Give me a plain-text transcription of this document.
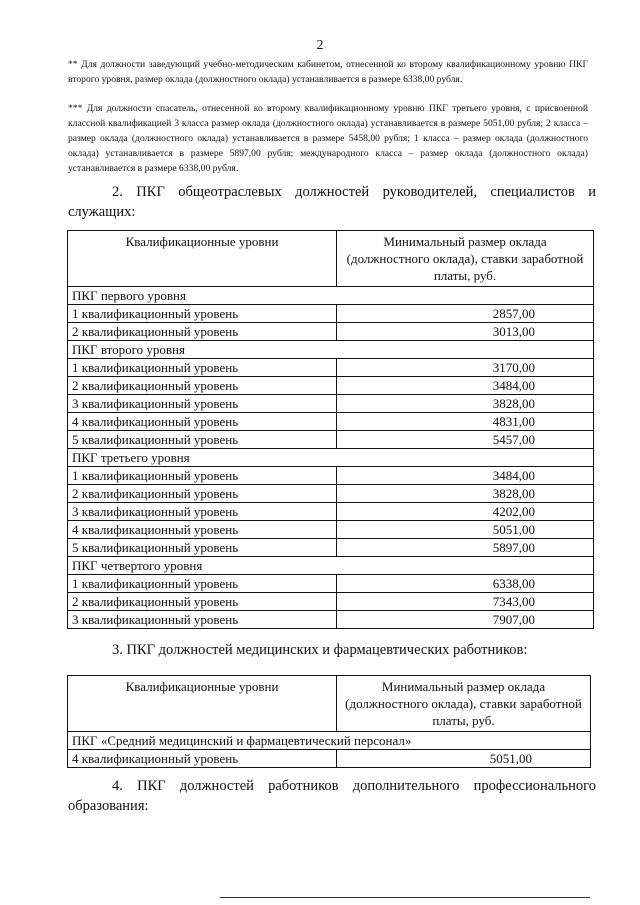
2
** Для должности заведующий учебно-методическим кабинетом, отнесенной ко второму квалификационному уровню ПКГ второго уровня, размер оклада (должностного оклада) устанавливается в размере 6338,00 рубля.
*** Для должности спасатель, отнесенной ко второму квалификационному уровню ПКГ третьего уровня, с присвоенной классной квалификацией 3 класса размер оклада (должностного оклада) устанавливается в размере 5051,00 рубля; 2 класса – размер оклада (должностного оклада) устанавливается в размере 5458,00 рубля; 1 класса – размер оклада (должностного оклада) устанавливается в размере 5897,00 рубля; международного класса – размер оклада (должностного оклада) устанавливается в размере 6338,00 рубля.
2. ПКГ общеотраслевых должностей руководителей, специалистов и служащих:
Квалификационные уровни	Минимальный размер оклада (должностного оклада), ставки заработной платы, руб.
ПКГ первого уровня	
1 квалификационный уровень	2857,00
2 квалификационный уровень	3013,00
ПКГ второго уровня	
1 квалификационный уровень	3170,00
2 квалификационный уровень	3484,00
3 квалификационный уровень	3828,00
4 квалификационный уровень	4831,00
5 квалификационный уровень	5457,00
ПКГ третьего уровня	
1 квалификационный уровень	3484,00
2 квалификационный уровень	3828,00
3 квалификационный уровень	4202,00
4 квалификационный уровень	5051,00
5 квалификационный уровень	5897,00
ПКГ четвертого уровня	
1 квалификационный уровень	6338,00
2 квалификационный уровень	7343,00
3 квалификационный уровень	7907,00
3. ПКГ должностей медицинских и фармацевтических работников:
Квалификационные уровни	Минимальный размер оклада (должностного оклада), ставки заработной платы, руб.
ПКГ «Средний медицинский и фармацевтический персонал»	
4 квалификационный уровень	5051,00
4. ПКГ должностей работников дополнительного профессионального образования:
